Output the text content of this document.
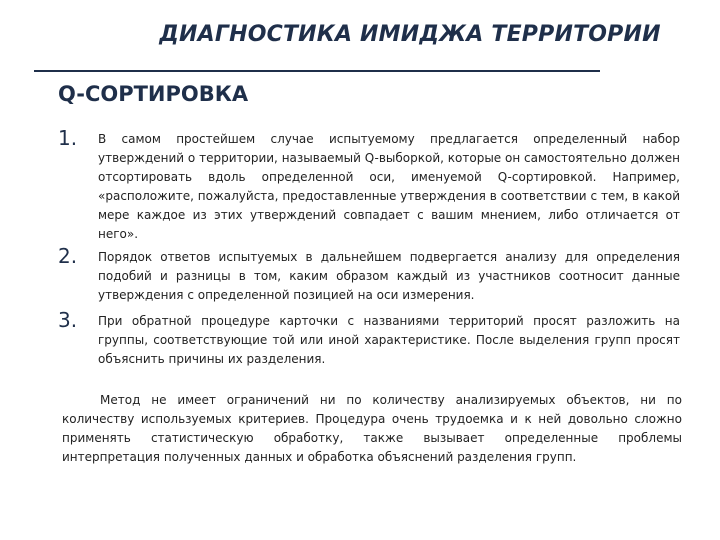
ДИАГНОСТИКА ИМИДЖА ТЕРРИТОРИИ
Q-СОРТИРОВКА
1. В самом простейшем случае испытуемому предлагается определенный набор утверждений о территории, называемый Q-выборкой, которые он самостоятельно должен отсортировать вдоль определенной оси, именуемой Q-сортировкой. Например, «расположите, пожалуйста, предоставленные утверждения в соответствии с тем, в какой мере каждое из этих утверждений совпадает с вашим мнением, либо отличается от него».
2. Порядок ответов испытуемых в дальнейшем подвергается анализу для определения подобий и разницы в том, каким образом каждый из участников соотносит данные утверждения с определенной позицией на оси измерения.
3. При обратной процедуре карточки с названиями территорий просят разложить на группы, соответствующие той или иной характеристике. После выделения групп просят объяснить причины их разделения.
Метод не имеет ограничений ни по количеству анализируемых объектов, ни по количеству используемых критериев. Процедура очень трудоемка и к ней довольно сложно применять статистическую обработку, также вызывает определенные проблемы интерпретация полученных данных и обработка объяснений разделения групп.
